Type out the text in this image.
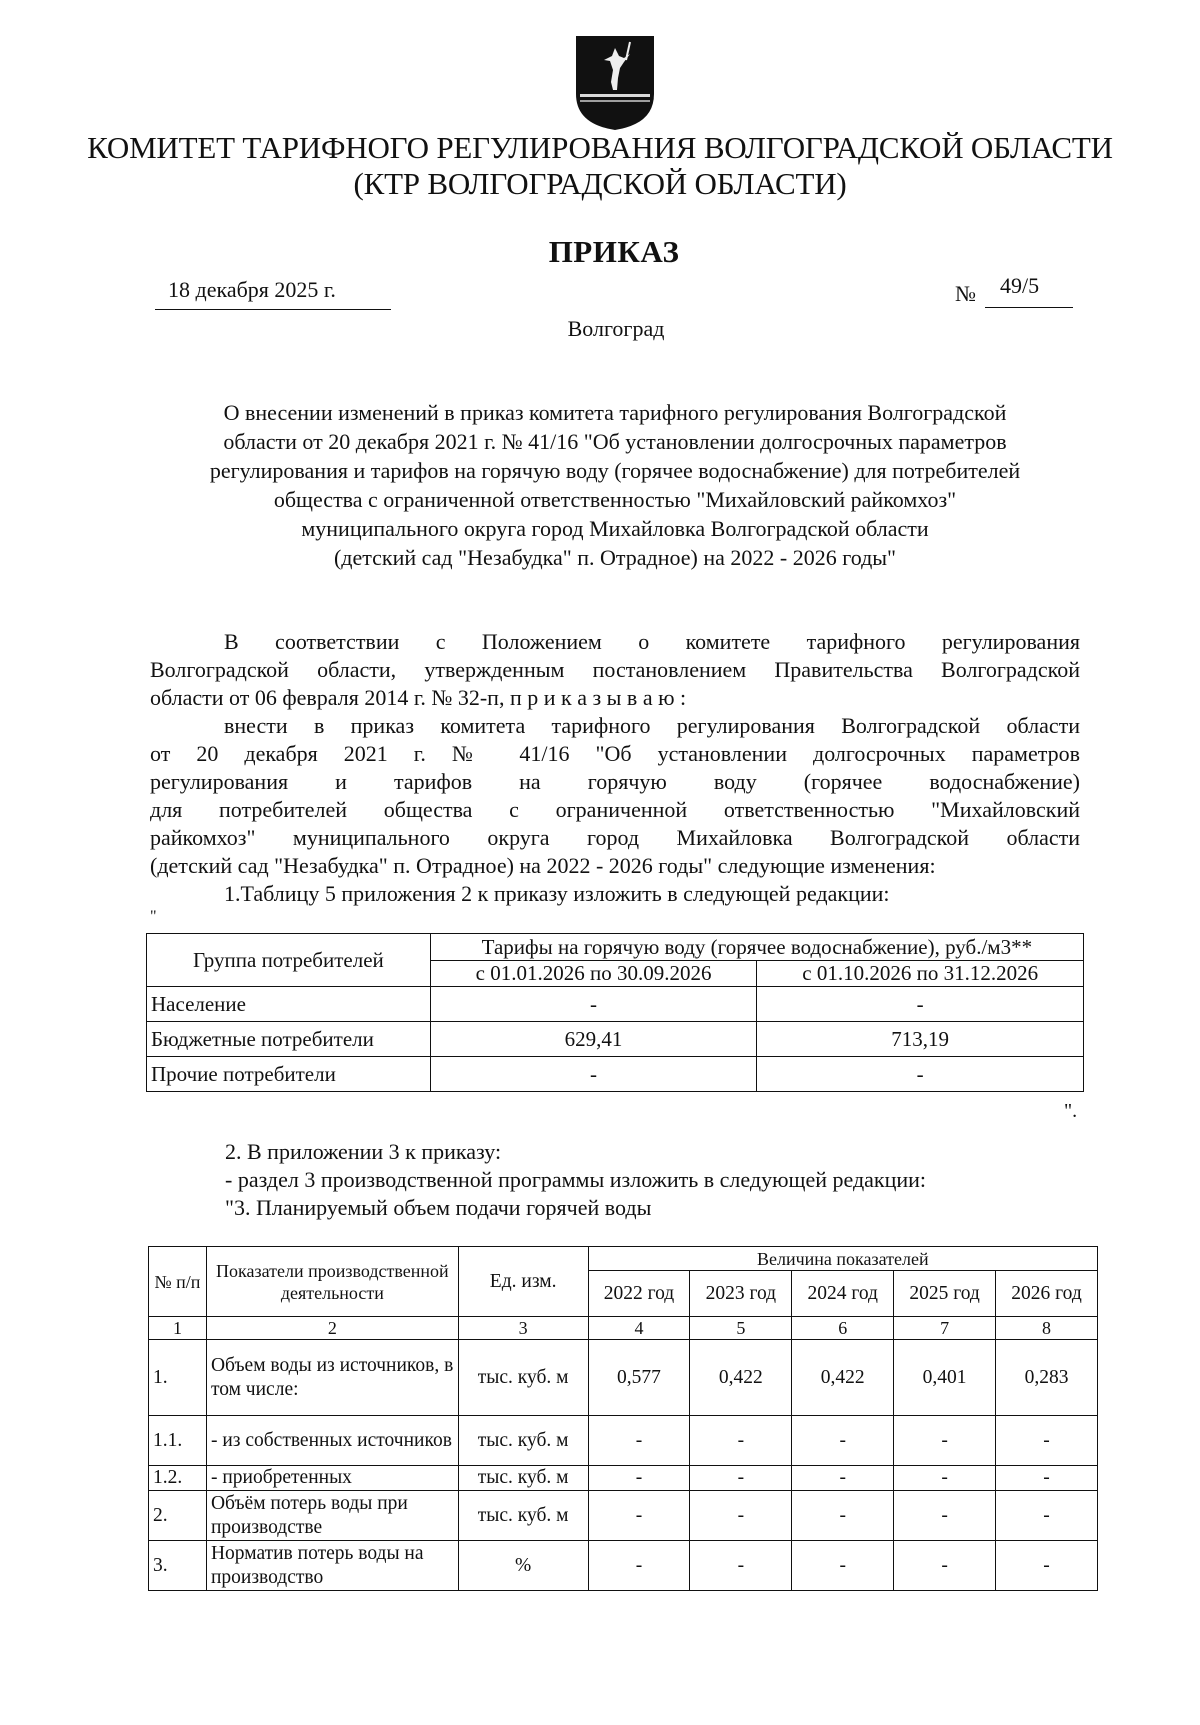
КОМИТЕТ ТАРИФНОГО РЕГУЛИРОВАНИЯ ВОЛГОГРАДСКОЙ ОБЛАСТИ
(КТР ВОЛГОГРАДСКОЙ ОБЛАСТИ)
ПРИКАЗ
18 декабря 2025 г.	№ 49/5
Волгоград
О внесении изменений в приказ комитета тарифного регулирования Волгоградской
области от 20 декабря 2021 г. № 41/16 "Об установлении долгосрочных параметров
регулирования и тарифов на горячую воду (горячее водоснабжение) для потребителей
общества с ограниченной ответственностью "Михайловский райкомхоз"
муниципального округа город Михайловка Волгоградской области
(детский сад "Незабудка" п. Отрадное) на 2022 - 2026 годы"
В соответствии с Положением о комитете тарифного регулирования
Волгоградской области, утвержденным постановлением Правительства Волгоградской
области от 06 февраля 2014 г. № 32-п, п р и к а з ы в а ю :
внести в приказ комитета тарифного регулирования Волгоградской области
от 20 декабря 2021 г. № 41/16 "Об установлении долгосрочных параметров
регулирования и тарифов на горячую воду (горячее водоснабжение)
для потребителей общества с ограниченной ответственностью "Михайловский
райкомхоз" муниципального округа город Михайловка Волгоградской области
(детский сад "Незабудка" п. Отрадное) на 2022 - 2026 годы" следующие изменения:
1.Таблицу 5 приложения 2 к приказу изложить в следующей редакции:
"
Группа потребителей	Тарифы на горячую воду (горячее водоснабжение), руб./м3**	
	с 01.01.2026 по 30.09.2026	с 01.10.2026 по 31.12.2026
Население	-	-
Бюджетные потребители	629,41	713,19
Прочие потребители	-	-
".
2. В приложении 3 к приказу:
- раздел 3 производственной программы изложить в следующей редакции:
"3. Планируемый объем подачи горячей воды
№ п/п	Показатели производственной деятельности	Ед. изм.	Величина показателей				
			2022 год	2023 год	2024 год	2025 год	2026 год
1	2	3	4	5	6	7	8
1.	Объем воды из источников, в том числе:	тыс. куб. м	0,577	0,422	0,422	0,401	0,283
1.1.	- из собственных источников	тыс. куб. м	-	-	-	-	-
1.2.	- приобретенных	тыс. куб. м	-	-	-	-	-
2.	Объём потерь воды при производстве	тыс. куб. м	-	-	-	-	-
3.	Норматив потерь воды на производство	%	-	-	-	-	-
